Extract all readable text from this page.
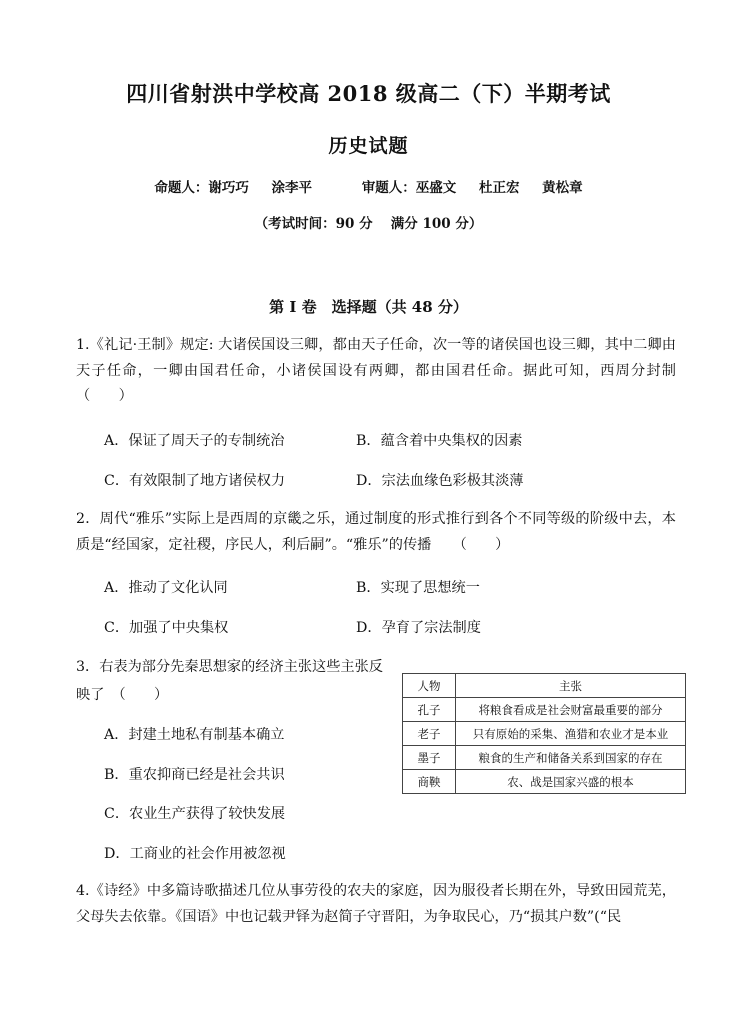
四川省射洪中学校高 2018 级高二（下）半期考试
历史试题
命题人：谢巧巧 涂李平	审题人：巫盛文 杜正宏 黄松章
（考试时间：90 分　 满分 100 分）
第 I 卷　选择题（共 48 分）
1.《礼记·王制》规定: 大诸侯国设三卿，都由天子任命，次一等的诸侯国也设三卿，其中二卿由天子任命，一卿由国君任命，小诸侯国设有两卿，都由国君任命。据此可知，西周分封制　　（　　）
A．保证了周天子的专制统治	B．蕴含着中央集权的因素
C．有效限制了地方诸侯权力	D．宗法血缘色彩极其淡薄
2．周代“雅乐”实际上是西周的京畿之乐，通过制度的形式推行到各个不同等级的阶级中去，本质是“经国家，定社稷，序民人，利后嗣”。“雅乐”的传播　　（　　）
A．推动了文化认同	B．实现了思想统一
C．加强了中央集权	D．孕育了宗法制度
3．右表为部分先秦思想家的经济主张这些主张反
映了　（　　）
A．封建土地私有制基本确立
B．重农抑商已经是社会共识
C．农业生产获得了较快发展
D．工商业的社会作用被忽视
人物	主张
孔子	将粮食看成是社会财富最重要的部分
老子	只有原始的采集、渔猎和农业才是本业
墨子	粮食的生产和储备关系到国家的存在
商鞅	农、战是国家兴盛的根本
4.《诗经》中多篇诗歌描述几位从事劳役的农夫的家庭，因为服役者长期在外，导致田园荒芜，父母失去依靠。《国语》中也记载尹铎为赵简子守晋阳，为争取民心，乃“损其户数”(“民
